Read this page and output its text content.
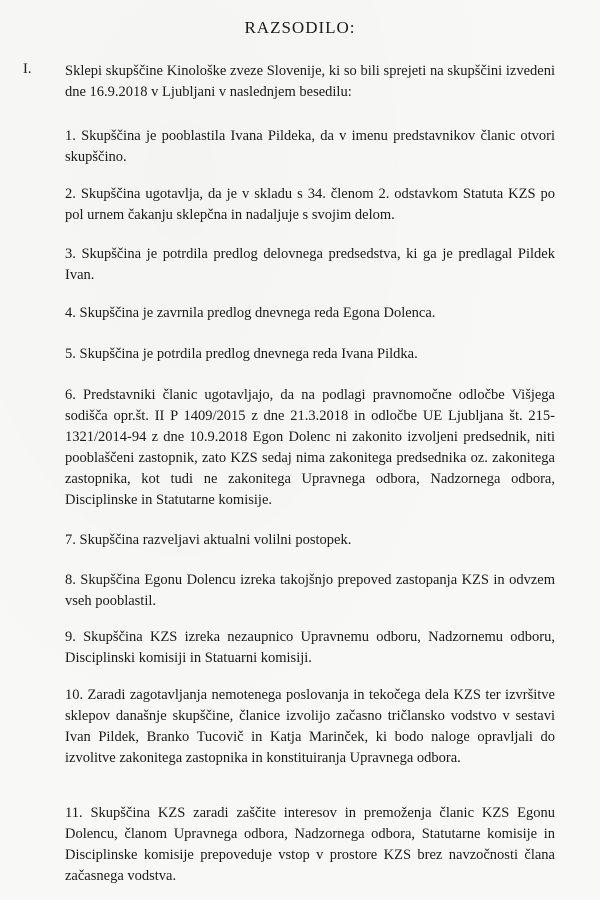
RAZSODILO:
I. Sklepi skupščine Kinološke zveze Slovenije, ki so bili sprejeti na skupščini izvedeni dne 16.9.2018 v Ljubljani v naslednjem besedilu:

1. Skupščina je pooblastila Ivana Pildeka, da v imenu predstavnikov članic otvori skupščino.
2. Skupščina ugotavlja, da je v skladu s 34. členom 2. odstavkom Statuta KZS po pol urnem čakanju sklepčna in nadaljuje s svojim delom.
3. Skupščina je potrdila predlog delovnega predsedstva, ki ga je predlagal Pildek Ivan.
4. Skupščina je zavrnila predlog dnevnega reda Egona Dolenca.
5. Skupščina je potrdila predlog dnevnega reda Ivana Pildka.
6. Predstavniki članic ugotavljajo, da na podlagi pravnomočne odločbe Višjega sodišča opr.št. II P 1409/2015 z dne 21.3.2018 in odločbe UE Ljubljana št. 215-1321/2014-94 z dne 10.9.2018 Egon Dolenc ni zakonito izvoljeni predsednik, niti pooblaščeni zastopnik, zato KZS sedaj nima zakonitega predsednika oz. zakonitega zastopnika, kot tudi ne zakonitega Upravnega odbora, Nadzornega odbora, Disciplinske in Statutarne komisije.
7. Skupščina razveljavi aktualni volilni postopek.
8. Skupščina Egonu Dolencu izreka takojšnjo prepoved zastopanja KZS in odvzem vseh pooblastil.
9. Skupščina KZS izreka nezaupnico Upravnemu odboru, Nadzornemu odboru, Disciplinski komisiji in Statuarni komisiji.
10. Zaradi zagotavljanja nemotenega poslovanja in tekočega dela KZS ter izvršitve sklepov današnje skupščine, članice izvolijo začasno tričlansko vodstvo v sestavi Ivan Pildek, Branko Tucovič in Katja Marinček, ki bodo naloge opravljali do izvolitve zakonitega zastopnika in konstituiranja Upravnega odbora.
11. Skupščina KZS zaradi zaščite interesov in premoženja članic KZS Egonu Dolencu, članom Upravnega odbora, Nadzornega odbora, Statutarne komisije in Disciplinske komisije prepoveduje vstop v prostore KZS brez navzočnosti člana začasnega vodstva.
